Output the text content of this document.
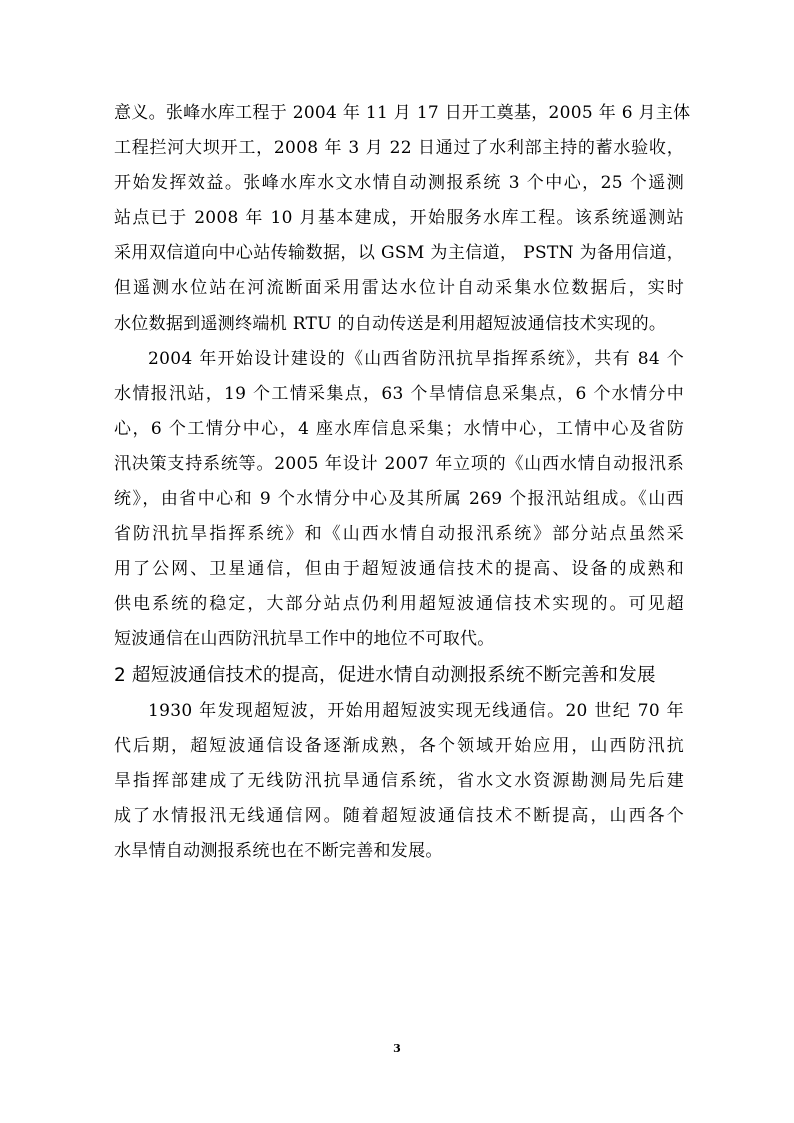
意义。张峰水库工程于 2004 年 11 月 17 日开工奠基，2005 年 6 月主体
工程拦河大坝开工，2008 年 3 月 22 日通过了水利部主持的蓄水验收，
开始发挥效益。张峰水库水文水情自动测报系统 3 个中心，25 个遥测
站点已于 2008 年 10 月基本建成，开始服务水库工程。该系统遥测站
采用双信道向中心站传输数据，以 GSM 为主信道， PSTN 为备用信道，
但遥测水位站在河流断面采用雷达水位计自动采集水位数据后，实时
水位数据到遥测终端机 RTU 的自动传送是利用超短波通信技术实现的。
2004 年开始设计建设的《山西省防汛抗旱指挥系统》，共有 84 个
水情报汛站，19 个工情采集点，63 个旱情信息采集点，6 个水情分中
心，6 个工情分中心，4 座水库信息采集；水情中心，工情中心及省防
汛决策支持系统等。2005 年设计 2007 年立项的《山西水情自动报汛系
统》，由省中心和 9 个水情分中心及其所属 269 个报汛站组成。《山西
省防汛抗旱指挥系统》和《山西水情自动报汛系统》部分站点虽然采
用了公网、卫星通信，但由于超短波通信技术的提高、设备的成熟和
供电系统的稳定，大部分站点仍利用超短波通信技术实现的。可见超
短波通信在山西防汛抗旱工作中的地位不可取代。
2 超短波通信技术的提高，促进水情自动测报系统不断完善和发展
1930 年发现超短波，开始用超短波实现无线通信。20 世纪 70 年
代后期，超短波通信设备逐渐成熟，各个领域开始应用，山西防汛抗
旱指挥部建成了无线防汛抗旱通信系统，省水文水资源勘测局先后建
成了水情报汛无线通信网。随着超短波通信技术不断提高，山西各个
水旱情自动测报系统也在不断完善和发展。
3
